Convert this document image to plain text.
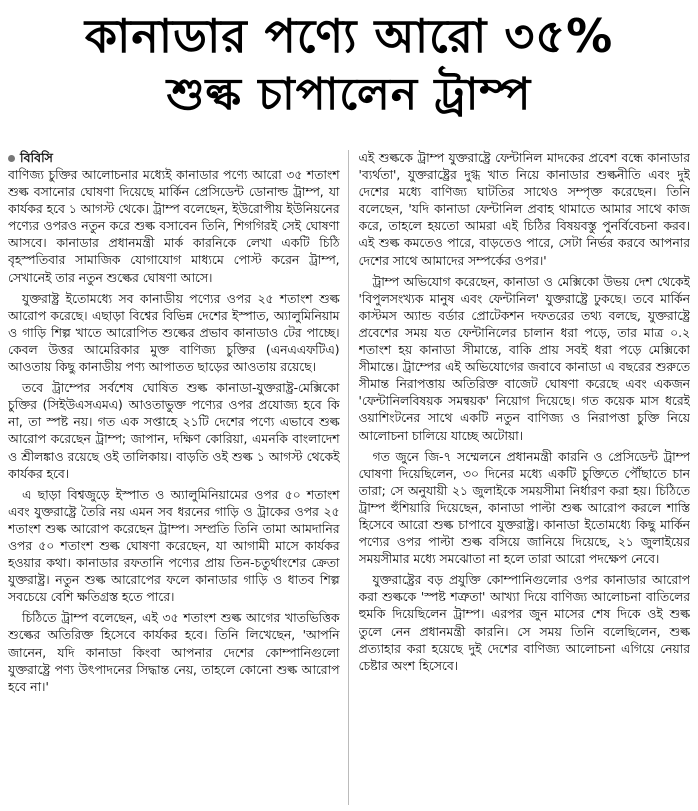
কানাডার পণ্যে আরো ৩৫%
শুল্ক চাপালেন ট্রাম্প
বিবিসি

বাণিজ্য চুক্তির আলোচনার মধ্যেই কানাডার পণ্যে আরো ৩৫ শতাংশ শুল্ক বসানোর ঘোষণা দিয়েছে মার্কিন প্রেসিডেন্ট ডোনাল্ড ট্রাম্প, যা কার্যকর হবে ১ আগস্ট থেকে। ট্রাম্প বলেছেন, ইউরোপীয় ইউনিয়নের পণ্যের ওপরও নতুন করে শুল্ক বসাবেন তিনি, শিগগিরই সেই ঘোষণা আসবে। কানাডার প্রধানমন্ত্রী মার্ক কারনিকে লেখা একটি চিঠি বৃহস্পতিবার সামাজিক যোগাযোগ মাধ্যমে পোস্ট করেন ট্রাম্প, সেখানেই তার নতুন শুল্কের ঘোষণা আসে।

যুক্তরাষ্ট্র ইতোমধ্যে সব কানাডীয় পণ্যের ওপর ২৫ শতাংশ শুল্ক আরোপ করেছে। এছাড়া বিশ্বের বিভিন্ন দেশের ইস্পাত, অ্যালুমিনিয়াম ও গাড়ি শিল্প খাতে আরোপিত শুল্কের প্রভাব কানাডাও টের পাচ্ছে। কেবল উত্তর আমেরিকার মুক্ত বাণিজ্য চুক্তির (এনএএফটিএ) আওতায় কিছু কানাডীয় পণ্য আপাতত ছাড়ের আওতায় রয়েছে।

তবে ট্রাম্পের সর্বশেষ ঘোষিত শুল্ক কানাডা-যুক্তরাষ্ট্র-মেক্সিকো চুক্তির (সিইউএসএমএ) আওতাভুক্ত পণ্যের ওপর প্রযোজ্য হবে কি না, তা স্পষ্ট নয়। গত এক সপ্তাহে ২১টি দেশের পণ্যে এভাবে শুল্ক আরোপ করেছেন ট্রাম্প; জাপান, দক্ষিণ কোরিয়া, এমনকি বাংলাদেশ ও শ্রীলঙ্কাও রয়েছে ওই তালিকায়। বাড়তি ওই শুল্ক ১ আগস্ট থেকেই কার্যকর হবে।

এ ছাড়া বিশ্বজুড়ে ইস্পাত ও অ্যালুমিনিয়ামের ওপর ৫০ শতাংশ এবং যুক্তরাষ্ট্রে তৈরি নয় এমন সব ধরনের গাড়ি ও ট্রাকের ওপর ২৫ শতাংশ শুল্ক আরোপ করেছেন ট্রাম্প। সম্প্রতি তিনি তামা আমদানির ওপর ৫০ শতাংশ শুল্ক ঘোষণা করেছেন, যা আগামী মাসে কার্যকর হওয়ার কথা। কানাডার রফতানি পণ্যের প্রায় তিন-চতুর্থাংশের ক্রেতা যুক্তরাষ্ট্র। নতুন শুল্ক আরোপের ফলে কানাডার গাড়ি ও ধাতব শিল্প সবচেয়ে বেশি ক্ষতিগ্রস্ত হতে পারে।

চিঠিতে ট্রাম্প বলেছেন, এই ৩৫ শতাংশ শুল্ক আগের খাতভিত্তিক শুল্কের অতিরিক্ত হিসেবে কার্যকর হবে। তিনি লিখেছেন, 'আপনি জানেন, যদি কানাডা কিংবা আপনার দেশের কোম্পানিগুলো যুক্তরাষ্ট্রে পণ্য উৎপাদনের সিদ্ধান্ত নেয়, তাহলে কোনো শুল্ক আরোপ হবে না।'

এই শুল্ককে ট্রাম্প যুক্তরাষ্ট্রে ফেন্টানিল মাদকের প্রবেশ বন্ধে কানাডার 'ব্যর্থতা', যুক্তরাষ্ট্রের দুগ্ধ খাত নিয়ে কানাডার শুল্কনীতি এবং দুই দেশের মধ্যে বাণিজ্য ঘাটতির সাথেও সম্পৃক্ত করেছেন। তিনি বলেছেন, 'যদি কানাডা ফেন্টানিল প্রবাহ থামাতে আমার সাথে কাজ করে, তাহলে হয়তো আমরা এই চিঠির বিষয়বস্তু পুনর্বিবেচনা করব। এই শুল্ক কমতেও পারে, বাড়তেও পারে, সেটা নির্ভর করবে আপনার দেশের সাথে আমাদের সম্পর্কের ওপর।'

ট্রাম্প অভিযোগ করেছেন, কানাডা ও মেক্সিকো উভয় দেশ থেকেই 'বিপুলসংখ্যক মানুষ এবং ফেন্টানিল' যুক্তরাষ্ট্রে ঢুকছে। তবে মার্কিন কাস্টমস অ্যান্ড বর্ডার প্রোটেকশন দফতরের তথ্য বলছে, যুক্তরাষ্ট্রে প্রবেশের সময় যত ফেন্টানিলের চালান ধরা পড়ে, তার মাত্র ০.২ শতাংশ হয় কানাডা সীমান্তে, বাকি প্রায় সবই ধরা পড়ে মেক্সিকো সীমান্তে। ট্রাম্পের এই অভিযোগের জবাবে কানাডা এ বছরের শুরুতে সীমান্ত নিরাপত্তায় অতিরিক্ত বাজেট ঘোষণা করেছে এবং একজন 'ফেন্টানিলবিষয়ক সমন্বয়ক' নিয়োগ দিয়েছে। গত কয়েক মাস ধরেই ওয়াশিংটনের সাথে একটি নতুন বাণিজ্য ও নিরাপত্তা চুক্তি নিয়ে আলোচনা চালিয়ে যাচ্ছে অটোয়া।

গত জুনে জি-৭ সম্মেলনে প্রধানমন্ত্রী কারনি ও প্রেসিডেন্ট ট্রাম্প ঘোষণা দিয়েছিলেন, ৩০ দিনের মধ্যে একটি চুক্তিতে পৌঁছাতে চান তারা; সে অনুযায়ী ২১ জুলাইকে সময়সীমা নির্ধারণ করা হয়। চিঠিতে ট্রাম্প হুঁশিয়ারি দিয়েছেন, কানাডা পাল্টা শুল্ক আরোপ করলে শাস্তি হিসেবে আরো শুল্ক চাপাবে যুক্তরাষ্ট্র। কানাডা ইতোমধ্যে কিছু মার্কিন পণ্যের ওপর পাল্টা শুল্ক বসিয়ে জানিয়ে দিয়েছে, ২১ জুলাইয়ের সময়সীমার মধ্যে সমঝোতা না হলে তারা আরো পদক্ষেপ নেবে।

যুক্তরাষ্ট্রের বড় প্রযুক্তি কোম্পানিগুলোর ওপর কানাডার আরোপ করা শুল্ককে 'স্পষ্ট শত্রুতা' আখ্যা দিয়ে বাণিজ্য আলোচনা বাতিলের হুমকি দিয়েছিলেন ট্রাম্প। এরপর জুন মাসের শেষ দিকে ওই শুল্ক তুলে নেন প্রধানমন্ত্রী কারনি। সে সময় তিনি বলেছিলেন, শুল্ক প্রত্যাহার করা হয়েছে দুই দেশের বাণিজ্য আলোচনা এগিয়ে নেয়ার চেষ্টার অংশ হিসেবে।
